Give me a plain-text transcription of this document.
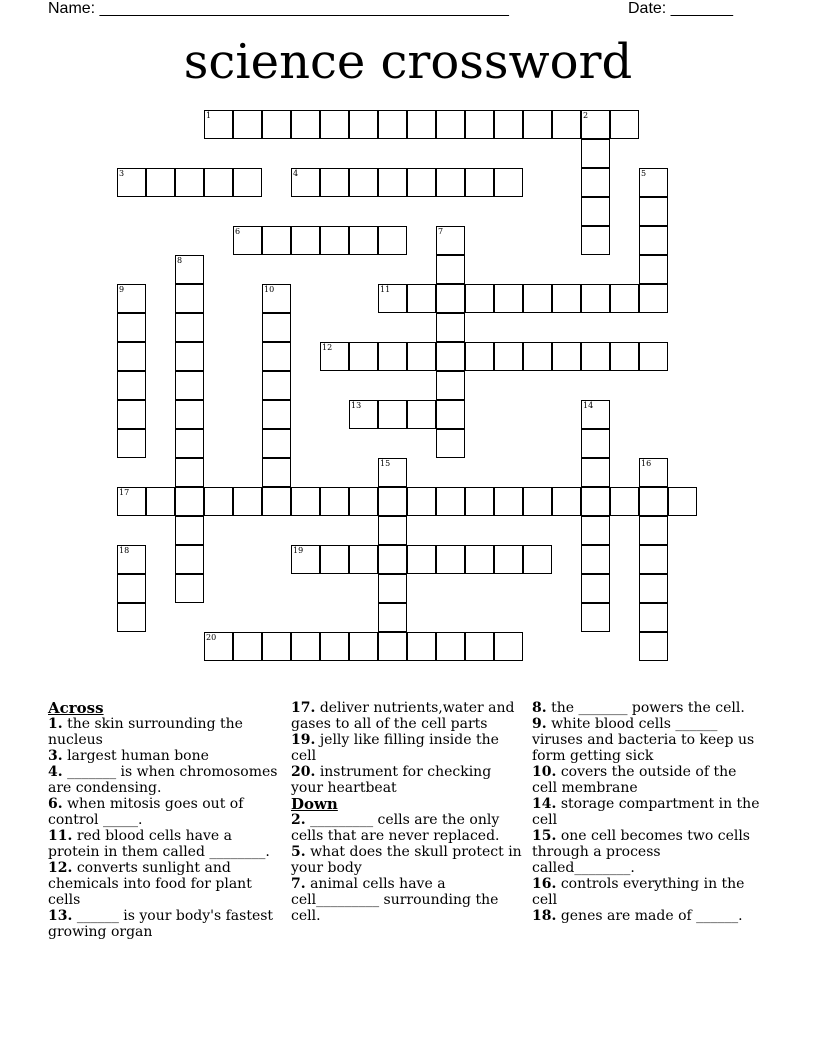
Name: ______________________________________________	Date: _______
science crossword
1	2
3	4	5
6	7
8
9	10	11
12
13	14
15	16
17
18	19
20

Across

1. the skin surrounding the nucleus

3. largest human bone

4. _______ is when chromosomes are condensing.

6. when mitosis goes out of control _____.

11. red blood cells have a protein in them called ________.

12. converts sunlight and chemicals into food for plant cells

13. ______ is your body's fastest growing organ

17. deliver nutrients,water and gases to all of the cell parts

19. jelly like filling inside the cell

20. instrument for checking your heartbeat

Down

2. _________ cells are the only cells that are never replaced.

5. what does the skull protect in your body

7. animal cells have a cell_________ surrounding the cell.

8. the _______ powers the cell.

9. white blood cells ______ viruses and bacteria to keep us form getting sick

10. covers the outside of the cell membrane

14. storage compartment in the cell

15. one cell becomes two cells through a process called________.

16. controls everything in the cell

18. genes are made of ______.
